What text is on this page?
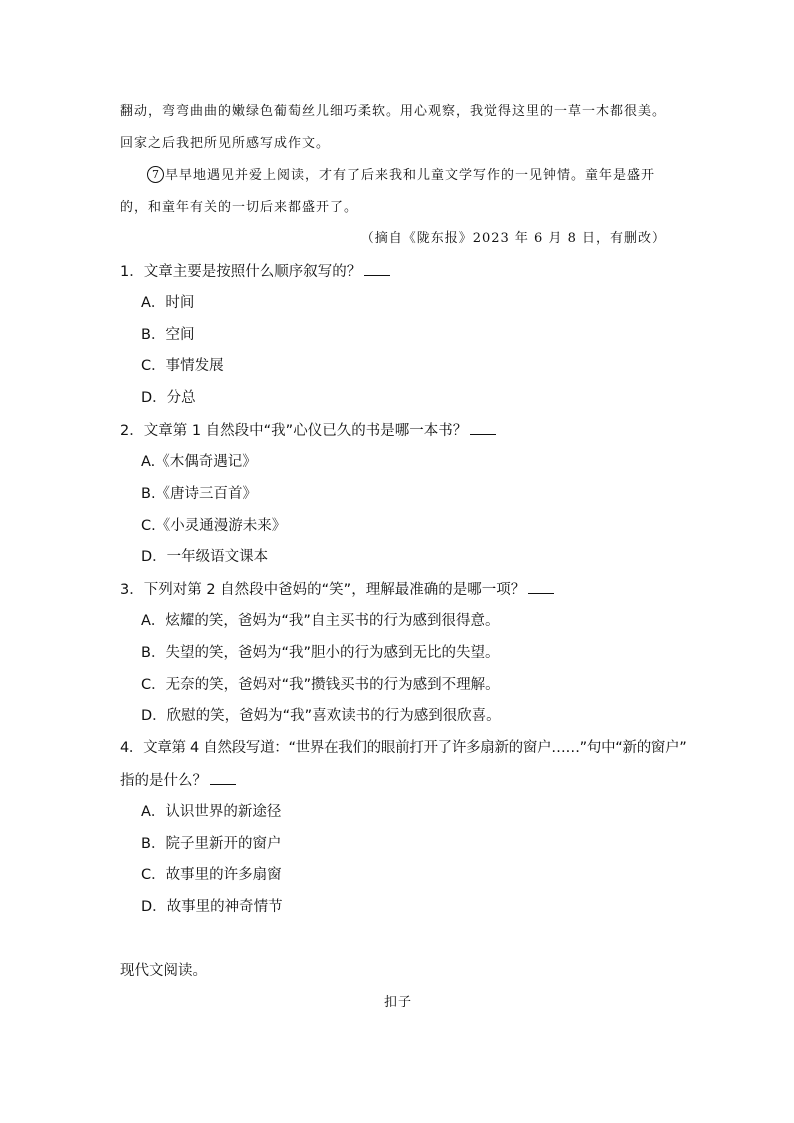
翻动，弯弯曲曲的嫩绿色葡萄丝儿细巧柔软。用心观察，我觉得这里的一草一木都很美。
回家之后我把所见所感写成作文。
7 早早地遇见并爱上阅读，才有了后来我和儿童文学写作的一见钟情。童年是盛开
的，和童年有关的一切后来都盛开了。
（摘自《陇东报》2023 年 6 月 8 日，有删改）
1．文章主要是按照什么顺序叙写的？
A．时间
B．空间
C．事情发展
D．分总
2．文章第 1 自然段中“我”心仪已久的书是哪一本书？
A.《木偶奇遇记》
B.《唐诗三百首》
C.《小灵通漫游未来》
D．一年级语文课本
3．下列对第 2 自然段中爸妈的“笑”，理解最准确的是哪一项？
A．炫耀的笑，爸妈为“我”自主买书的行为感到很得意。
B．失望的笑，爸妈为“我”胆小的行为感到无比的失望。
C．无奈的笑，爸妈对“我”攒钱买书的行为感到不理解。
D．欣慰的笑，爸妈为“我”喜欢读书的行为感到很欣喜。
4．文章第 4 自然段写道：“世界在我们的眼前打开了许多扇新的窗户……”句中“新的窗户”
指的是什么？
A．认识世界的新途径
B．院子里新开的窗户
C．故事里的许多扇窗
D．故事里的神奇情节
现代文阅读。
扣子
